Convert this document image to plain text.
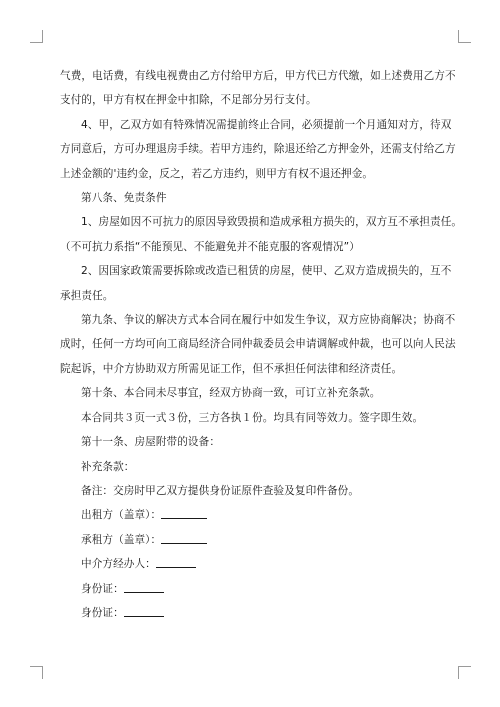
气费，电话费，有线电视费由乙方付给甲方后，甲方代已方代缴，如上述费用乙方不

支付的，甲方有权在押金中扣除，不足部分另行支付。

4、甲，乙双方如有特殊情况需提前终止合同，必须提前一个月通知对方，待双

方同意后，方可办理退房手续。若甲方违约，除退还给乙方押金外，还需支付给乙方

上述金额的'违约金，反之，若乙方违约，则甲方有权不退还押金。

第八条、免责条件

1、房屋如因不可抗力的原因导致毁损和造成承租方损失的，双方互不承担责任。

（不可抗力系指“不能预见、不能避免并不能克服的客观情况”）

2、因国家政策需要拆除或改造已租赁的房屋，使甲、乙双方造成损失的，互不

承担责任。

第九条、争议的解决方式本合同在履行中如发生争议，双方应协商解决；协商不

成时，任何一方均可向工商局经济合同仲裁委员会申请调解或仲裁，也可以向人民法

院起诉，中介方协助双方所需见证工作，但不承担任何法律和经济责任。

第十条、本合同未尽事宜，经双方协商一致，可订立补充条款。

本合同共３页一式３份，三方各执１份。均具有同等效力。签字即生效。

第十一条、房屋附带的设备：

补充条款：

备注：交房时甲乙双方提供身份证原件查验及复印件备份。

出租方（盖章）：

承租方（盖章）：

中介方经办人：

身份证：

身份证：
